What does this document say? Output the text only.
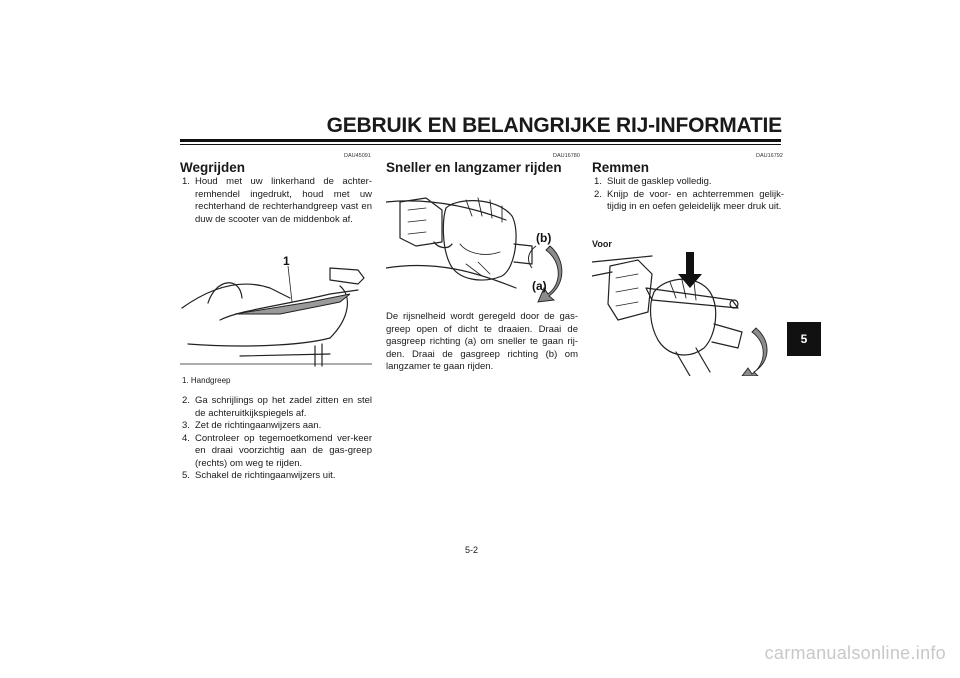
GEBRUIK EN BELANGRIJKE RIJ-INFORMATIE
DAU45091
Wegrijden
1. Houd met uw linkerhand de achter-remhendel ingedrukt, houd met uw rechterhand de rechterhandgreep vast en duw de scooter van de middenbok af.
1
1. Handgreep
2. Ga schrijlings op het zadel zitten en stel de achteruitkijkspiegels af.
3. Zet de richtingaanwijzers aan.
4. Controleer op tegemoetkomend ver-keer en draai voorzichtig aan de gas-greep (rechts) om weg te rijden.
5. Schakel de richtingaanwijzers uit.
DAU16780
Sneller en langzamer rijden
(b)
(a)

De rijsnelheid wordt geregeld door de gas-greep open of dicht te draaien. Draai de gasgreep richting (a) om sneller te gaan rij-den. Draai de gasgreep richting (b) om langzamer te gaan rijden.

DAU16792
Remmen
1. Sluit de gasklep volledig.
2. Knijp de voor- en achterremmen gelijk-tijdig in en oefen geleidelijk meer druk uit.
Voor
5
5-2
carmanualsonline.info
